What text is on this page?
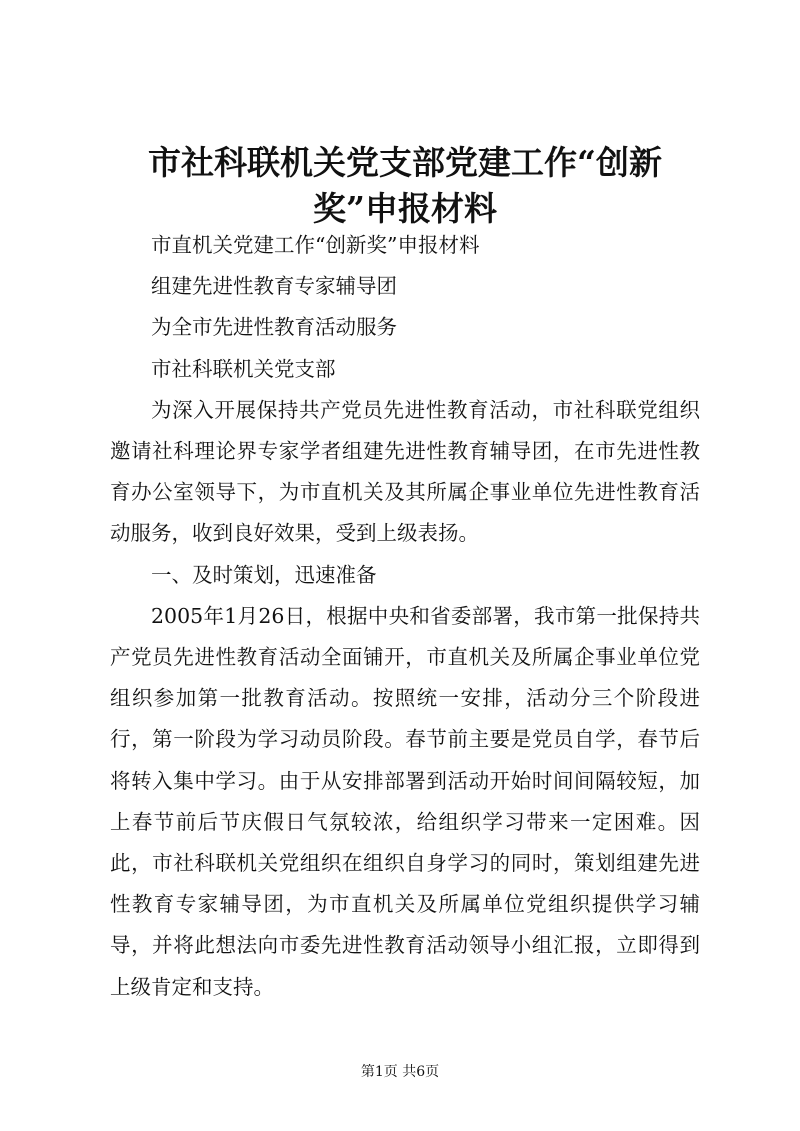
市社科联机关党支部党建工作“创新奖”申报材料

市直机关党建工作“创新奖”申报材料

组建先进性教育专家辅导团

为全市先进性教育活动服务

市社科联机关党支部

为深入开展保持共产党员先进性教育活动，市社科联党组织邀请社科理论界专家学者组建先进性教育辅导团，在市先进性教育办公室领导下，为市直机关及其所属企事业单位先进性教育活动服务，收到良好效果，受到上级表扬。

一、及时策划，迅速准备

2005年1月26日，根据中央和省委部署，我市第一批保持共产党员先进性教育活动全面铺开，市直机关及所属企事业单位党组织参加第一批教育活动。按照统一安排，活动分三个阶段进行，第一阶段为学习动员阶段。春节前主要是党员自学，春节后将转入集中学习。由于从安排部署到活动开始时间间隔较短，加上春节前后节庆假日气氛较浓，给组织学习带来一定困难。因此，市社科联机关党组织在组织自身学习的同时，策划组建先进性教育专家辅导团，为市直机关及所属单位党组织提供学习辅导，并将此想法向市委先进性教育活动领导小组汇报，立即得到上级肯定和支持。

第1页 共6页
